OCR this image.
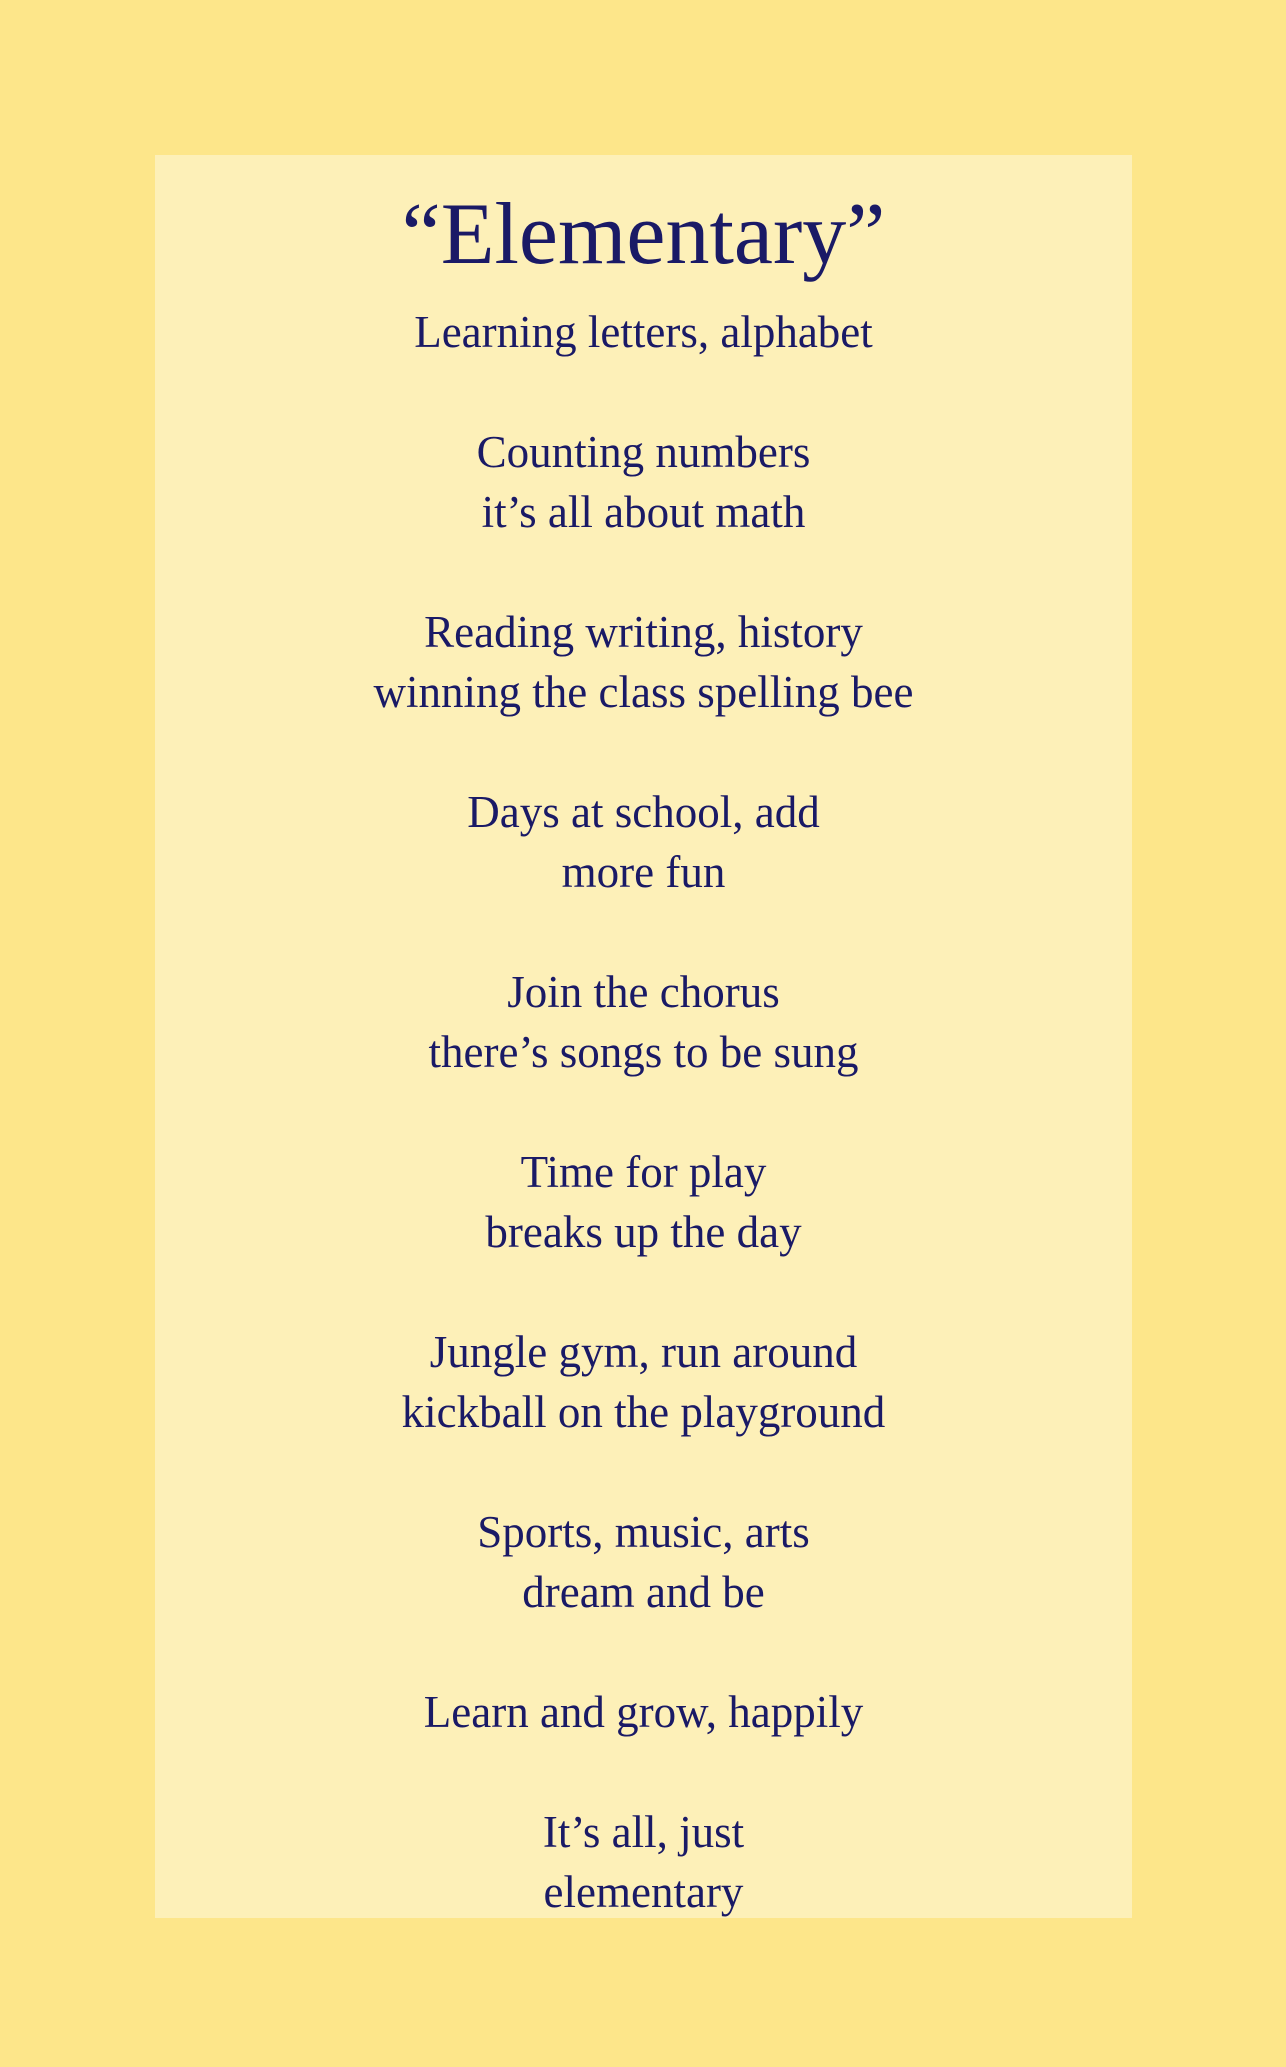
“Elementary”
Learning letters, alphabet
Counting numbers
it’s all about math
Reading writing, history
winning the class spelling bee
Days at school, add
more fun
Join the chorus
there’s songs to be sung
Time for play
breaks up the day
Jungle gym, run around
kickball on the playground
Sports, music, arts
dream and be
Learn and grow, happily
It’s all, just
elementary
